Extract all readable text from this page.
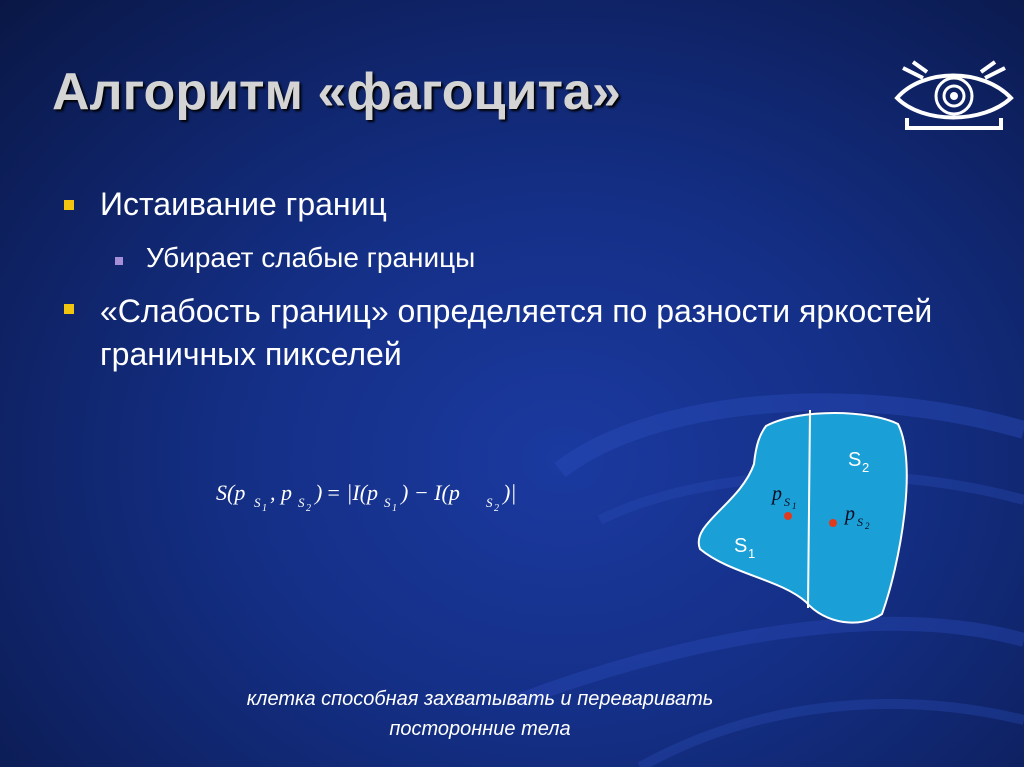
Алгоритм «фагоцита»
Истаивание границ
Убирает слабые границы
«Слабость границ» определяется по разности яркостей граничных пикселей
S(p S 1
, p S 2
) = |I(p S 1
) − I(p S 2
)|
S 2
S 1
p S 1 p S 2
клетка способная захватывать и переваривать посторонние тела
